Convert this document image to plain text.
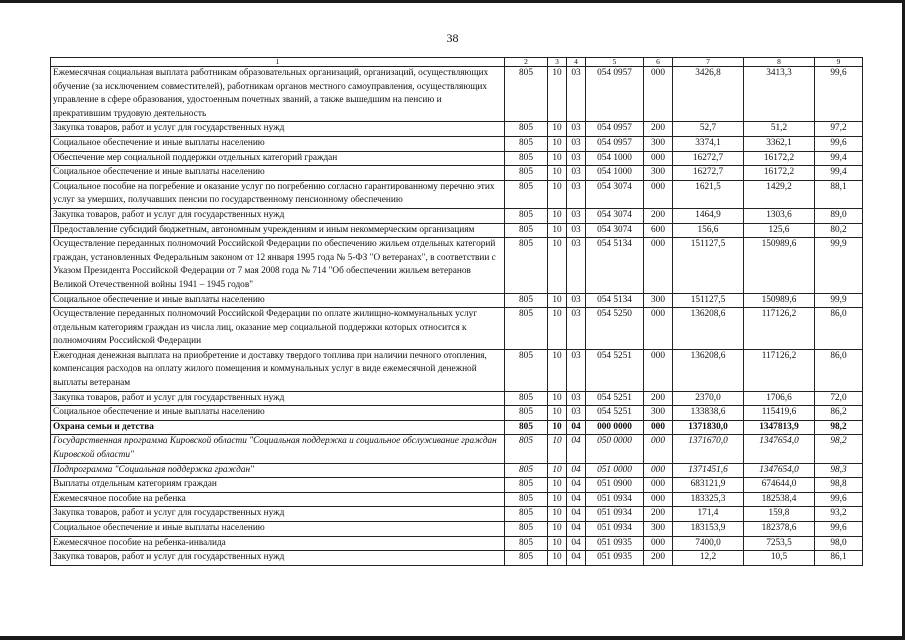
38
1	2	3	4	5	6	7	8	9
Ежемесячная социальная выплата работникам образовательных организаций, организаций, осуществляющих обучение (за исключением совместителей), работникам органов местного самоуправления, осуществляющих управление в сфере образования, удостоенным почетных званий, а также вышедшим на пенсию и прекратившим трудовую деятельность	805	10	03	054 0957	000	3426,8	3413,3	99,6
Закупка товаров, работ и услуг для государственных нужд	805	10	03	054 0957	200	52,7	51,2	97,2
Социальное обеспечение и иные выплаты населению	805	10	03	054 0957	300	3374,1	3362,1	99,6
Обеспечение мер социальной поддержки отдельных категорий граждан	805	10	03	054 1000	000	16272,7	16172,2	99,4
Социальное обеспечение и иные выплаты населению	805	10	03	054 1000	300	16272,7	16172,2	99,4
Социальное пособие на погребение и оказание услуг по погребению согласно гарантированному перечню этих услуг за умерших, получавших пенсии по государственному пенсионному обеспечению	805	10	03	054 3074	000	1621,5	1429,2	88,1
Закупка товаров, работ и услуг для государственных нужд	805	10	03	054 3074	200	1464,9	1303,6	89,0
Предоставление субсидий бюджетным, автономным учреждениям и иным некоммерческим организациям	805	10	03	054 3074	600	156,6	125,6	80,2
Осуществление переданных полномочий Российской Федерации по обеспечению жильем отдельных категорий граждан, установленных Федеральным законом от 12 января 1995 года № 5-ФЗ "О ветеранах", в соответствии с Указом Президента Российской Федерации от 7 мая 2008 года № 714 "Об обеспечении жильем ветеранов Великой Отечественной войны 1941 – 1945 годов"	805	10	03	054 5134	000	151127,5	150989,6	99,9
Социальное обеспечение и иные выплаты населению	805	10	03	054 5134	300	151127,5	150989,6	99,9
Осуществление переданных полномочий Российской Федерации по оплате жилищно-коммунальных услуг отдельным категориям граждан из числа лиц, оказание мер социальной поддержки которых относится к полномочиям Российской Федерации	805	10	03	054 5250	000	136208,6	117126,2	86,0
Ежегодная денежная выплата на приобретение и доставку твердого топлива при наличии печного отопления, компенсация расходов на оплату жилого помещения и коммунальных услуг в виде ежемесячной денежной выплаты ветеранам	805	10	03	054 5251	000	136208,6	117126,2	86,0
Закупка товаров, работ и услуг для государственных нужд	805	10	03	054 5251	200	2370,0	1706,6	72,0
Социальное обеспечение и иные выплаты населению	805	10	03	054 5251	300	133838,6	115419,6	86,2
Охрана семьи и детства	805	10	04	000 0000	000	1371830,0	1347813,9	98,2
Государственная программа Кировской области "Социальная поддержка и социальное обслуживание граждан Кировской области"	805	10	04	050 0000	000	1371670,0	1347654,0	98,2
Подпрограмма "Социальная поддержка граждан"	805	10	04	051 0000	000	1371451,6	1347654,0	98,3
Выплаты отдельным категориям граждан	805	10	04	051 0900	000	683121,9	674644,0	98,8
Ежемесячное пособие на ребенка	805	10	04	051 0934	000	183325,3	182538,4	99,6
Закупка товаров, работ и услуг для государственных нужд	805	10	04	051 0934	200	171,4	159,8	93,2
Социальное обеспечение и иные выплаты населению	805	10	04	051 0934	300	183153,9	182378,6	99,6
Ежемесячное пособие на ребенка-инвалида	805	10	04	051 0935	000	7400,0	7253,5	98,0
Закупка товаров, работ и услуг для государственных нужд	805	10	04	051 0935	200	12,2	10,5	86,1
